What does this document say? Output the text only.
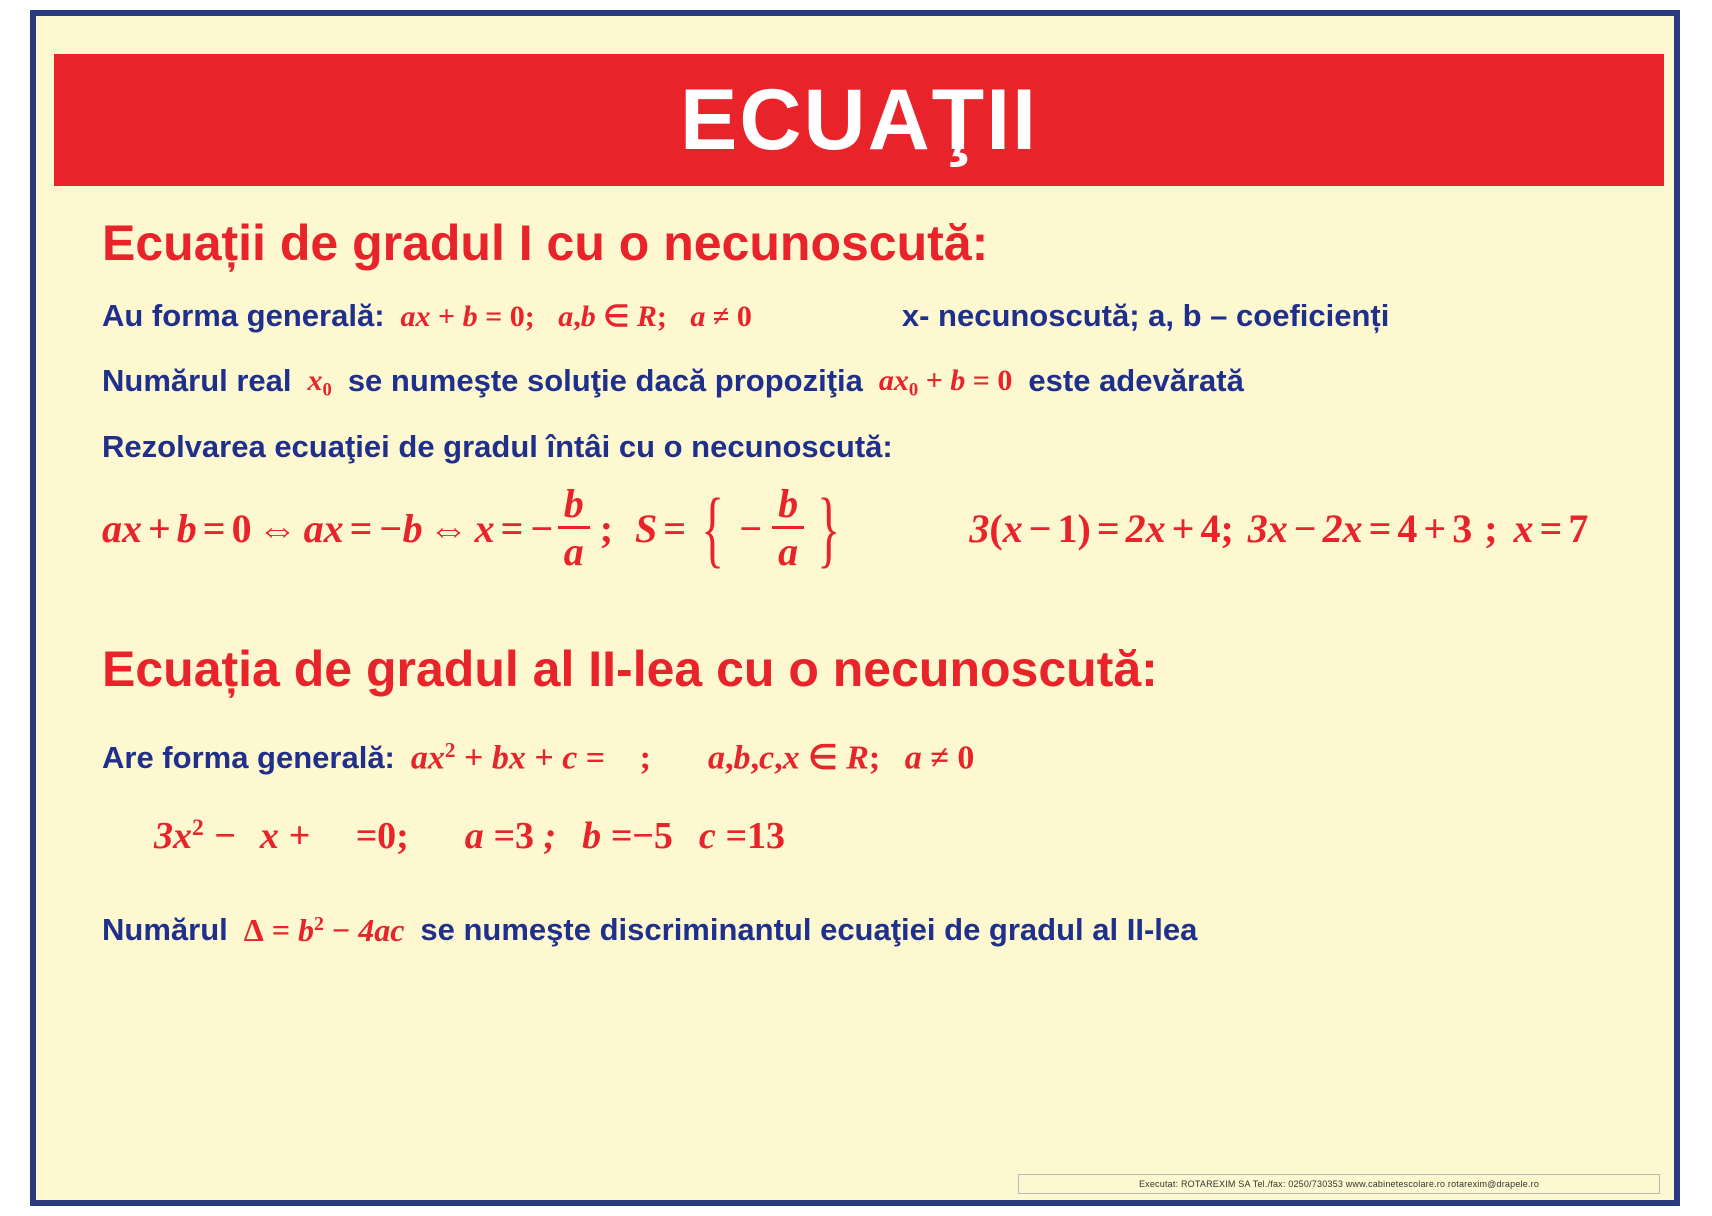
ECUAŢII
Ecuații de gradul I cu o necunoscută:
Au forma generală: ax + b = 0; a,b ∈ R; a ≠ 0	x- necunoscută; a, b – coeficienți
Numărul real $x_0$ se numeşte soluţie dacă propoziţia $ax_0 + b = 0$ este adevărată
Rezolvarea ecuaţiei de gradul întâi cu o necunoscută:
ax + b = 0 ⇔ ax = −b ⇔ x = − $\frac{b}{a}$ ; S = { − $\frac{b}{a}$ }	3(x − 1) = 2x + 4; 3x − 2x = 4 + 3 ; x = 7
Ecuația de gradul al II-lea cu o necunoscută:
Are forma generală: $ax^2$ + bx + c = ; a,b,c,x ∈ R; a ≠ 0
$3x^2 - x + =0$; a =3 ; b =−5 c =13
Numărul $\Delta = b^2 - 4ac$ se numeşte discriminantul ecuaţiei de gradul al II-lea
Executat: ROTAREXIM SA Tel./fax: 0250/730353 www.cabinetescolare.ro rotarexim@drapele.ro
